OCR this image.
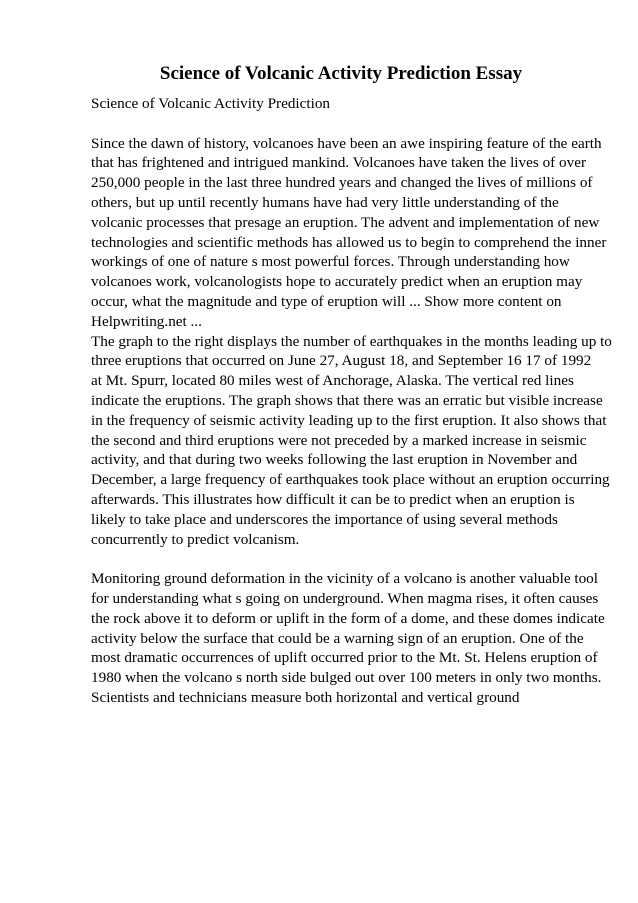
Science of Volcanic Activity Prediction Essay
Science of Volcanic Activity Prediction

Since the dawn of history, volcanoes have been an awe inspiring feature of the earth
that has frightened and intrigued mankind. Volcanoes have taken the lives of over
250,000 people in the last three hundred years and changed the lives of millions of
others, but up until recently humans have had very little understanding of the
volcanic processes that presage an eruption. The advent and implementation of new
technologies and scientific methods has allowed us to begin to comprehend the inner
workings of one of nature s most powerful forces. Through understanding how
volcanoes work, volcanologists hope to accurately predict when an eruption may
occur, what the magnitude and type of eruption will ... Show more content on
Helpwriting.net ...

The graph to the right displays the number of earthquakes in the months leading up to
three eruptions that occurred on June 27, August 18, and September 16 17 of 1992
at Mt. Spurr, located 80 miles west of Anchorage, Alaska. The vertical red lines
indicate the eruptions. The graph shows that there was an erratic but visible increase
in the frequency of seismic activity leading up to the first eruption. It also shows that
the second and third eruptions were not preceded by a marked increase in seismic
activity, and that during two weeks following the last eruption in November and
December, a large frequency of earthquakes took place without an eruption occurring
afterwards. This illustrates how difficult it can be to predict when an eruption is
likely to take place and underscores the importance of using several methods
concurrently to predict volcanism.

Monitoring ground deformation in the vicinity of a volcano is another valuable tool
for understanding what s going on underground. When magma rises, it often causes
the rock above it to deform or uplift in the form of a dome, and these domes indicate
activity below the surface that could be a warning sign of an eruption. One of the
most dramatic occurrences of uplift occurred prior to the Mt. St. Helens eruption of
1980 when the volcano s north side bulged out over 100 meters in only two months.
Scientists and technicians measure both horizontal and vertical ground
